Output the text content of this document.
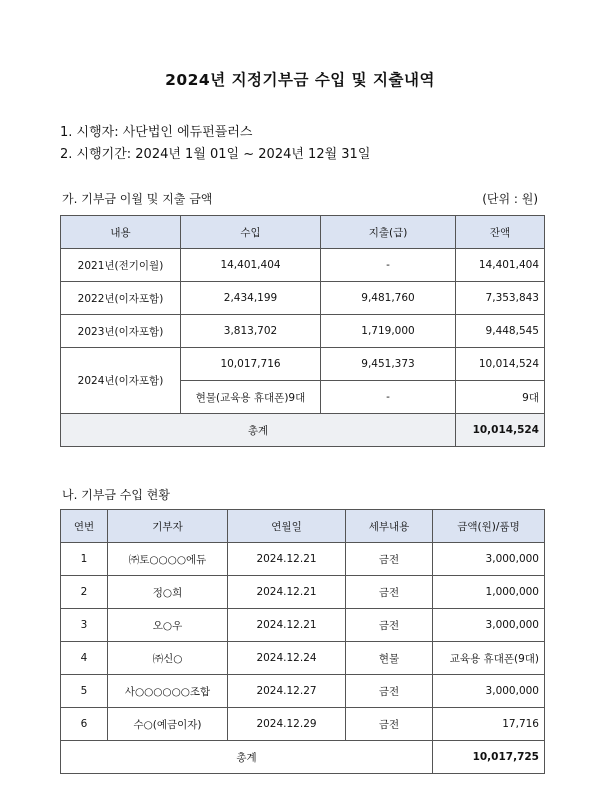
2024년 지정기부금 수입 및 지출내역
1. 시행자: 사단법인 에듀펀플러스
2. 시행기간: 2024년 1월 01일 ~ 2024년 12월 31일
가. 기부금 이월 및 지출 금액	(단위 : 원)
내용	수입	지출(급)	잔액
2021년(전기이월)	14,401,404	-	14,401,404
2022년(이자포함)	2,434,199	9,481,760	7,353,843
2023년(이자포함)	3,813,702	1,719,000	9,448,545
2024년(이자포함)	10,017,716	9,451,373	10,014,524
	현물(교육용 휴대폰)9대	-	9대
총계			10,014,524
나. 기부금 수입 현황
연번	기부자	연월일	세부내용	금액(원)/품명
1	㈜토○○○○에듀	2024.12.21	금전	3,000,000
2	정○희	2024.12.21	금전	1,000,000
3	오○우	2024.12.21	금전	3,000,000
4	㈜신○	2024.12.24	현물	교육용 휴대폰(9대)
5	사○○○○○○조합	2024.12.27	금전	3,000,000
6	수○(예금이자)	2024.12.29	금전	17,716
총계				10,017,725
